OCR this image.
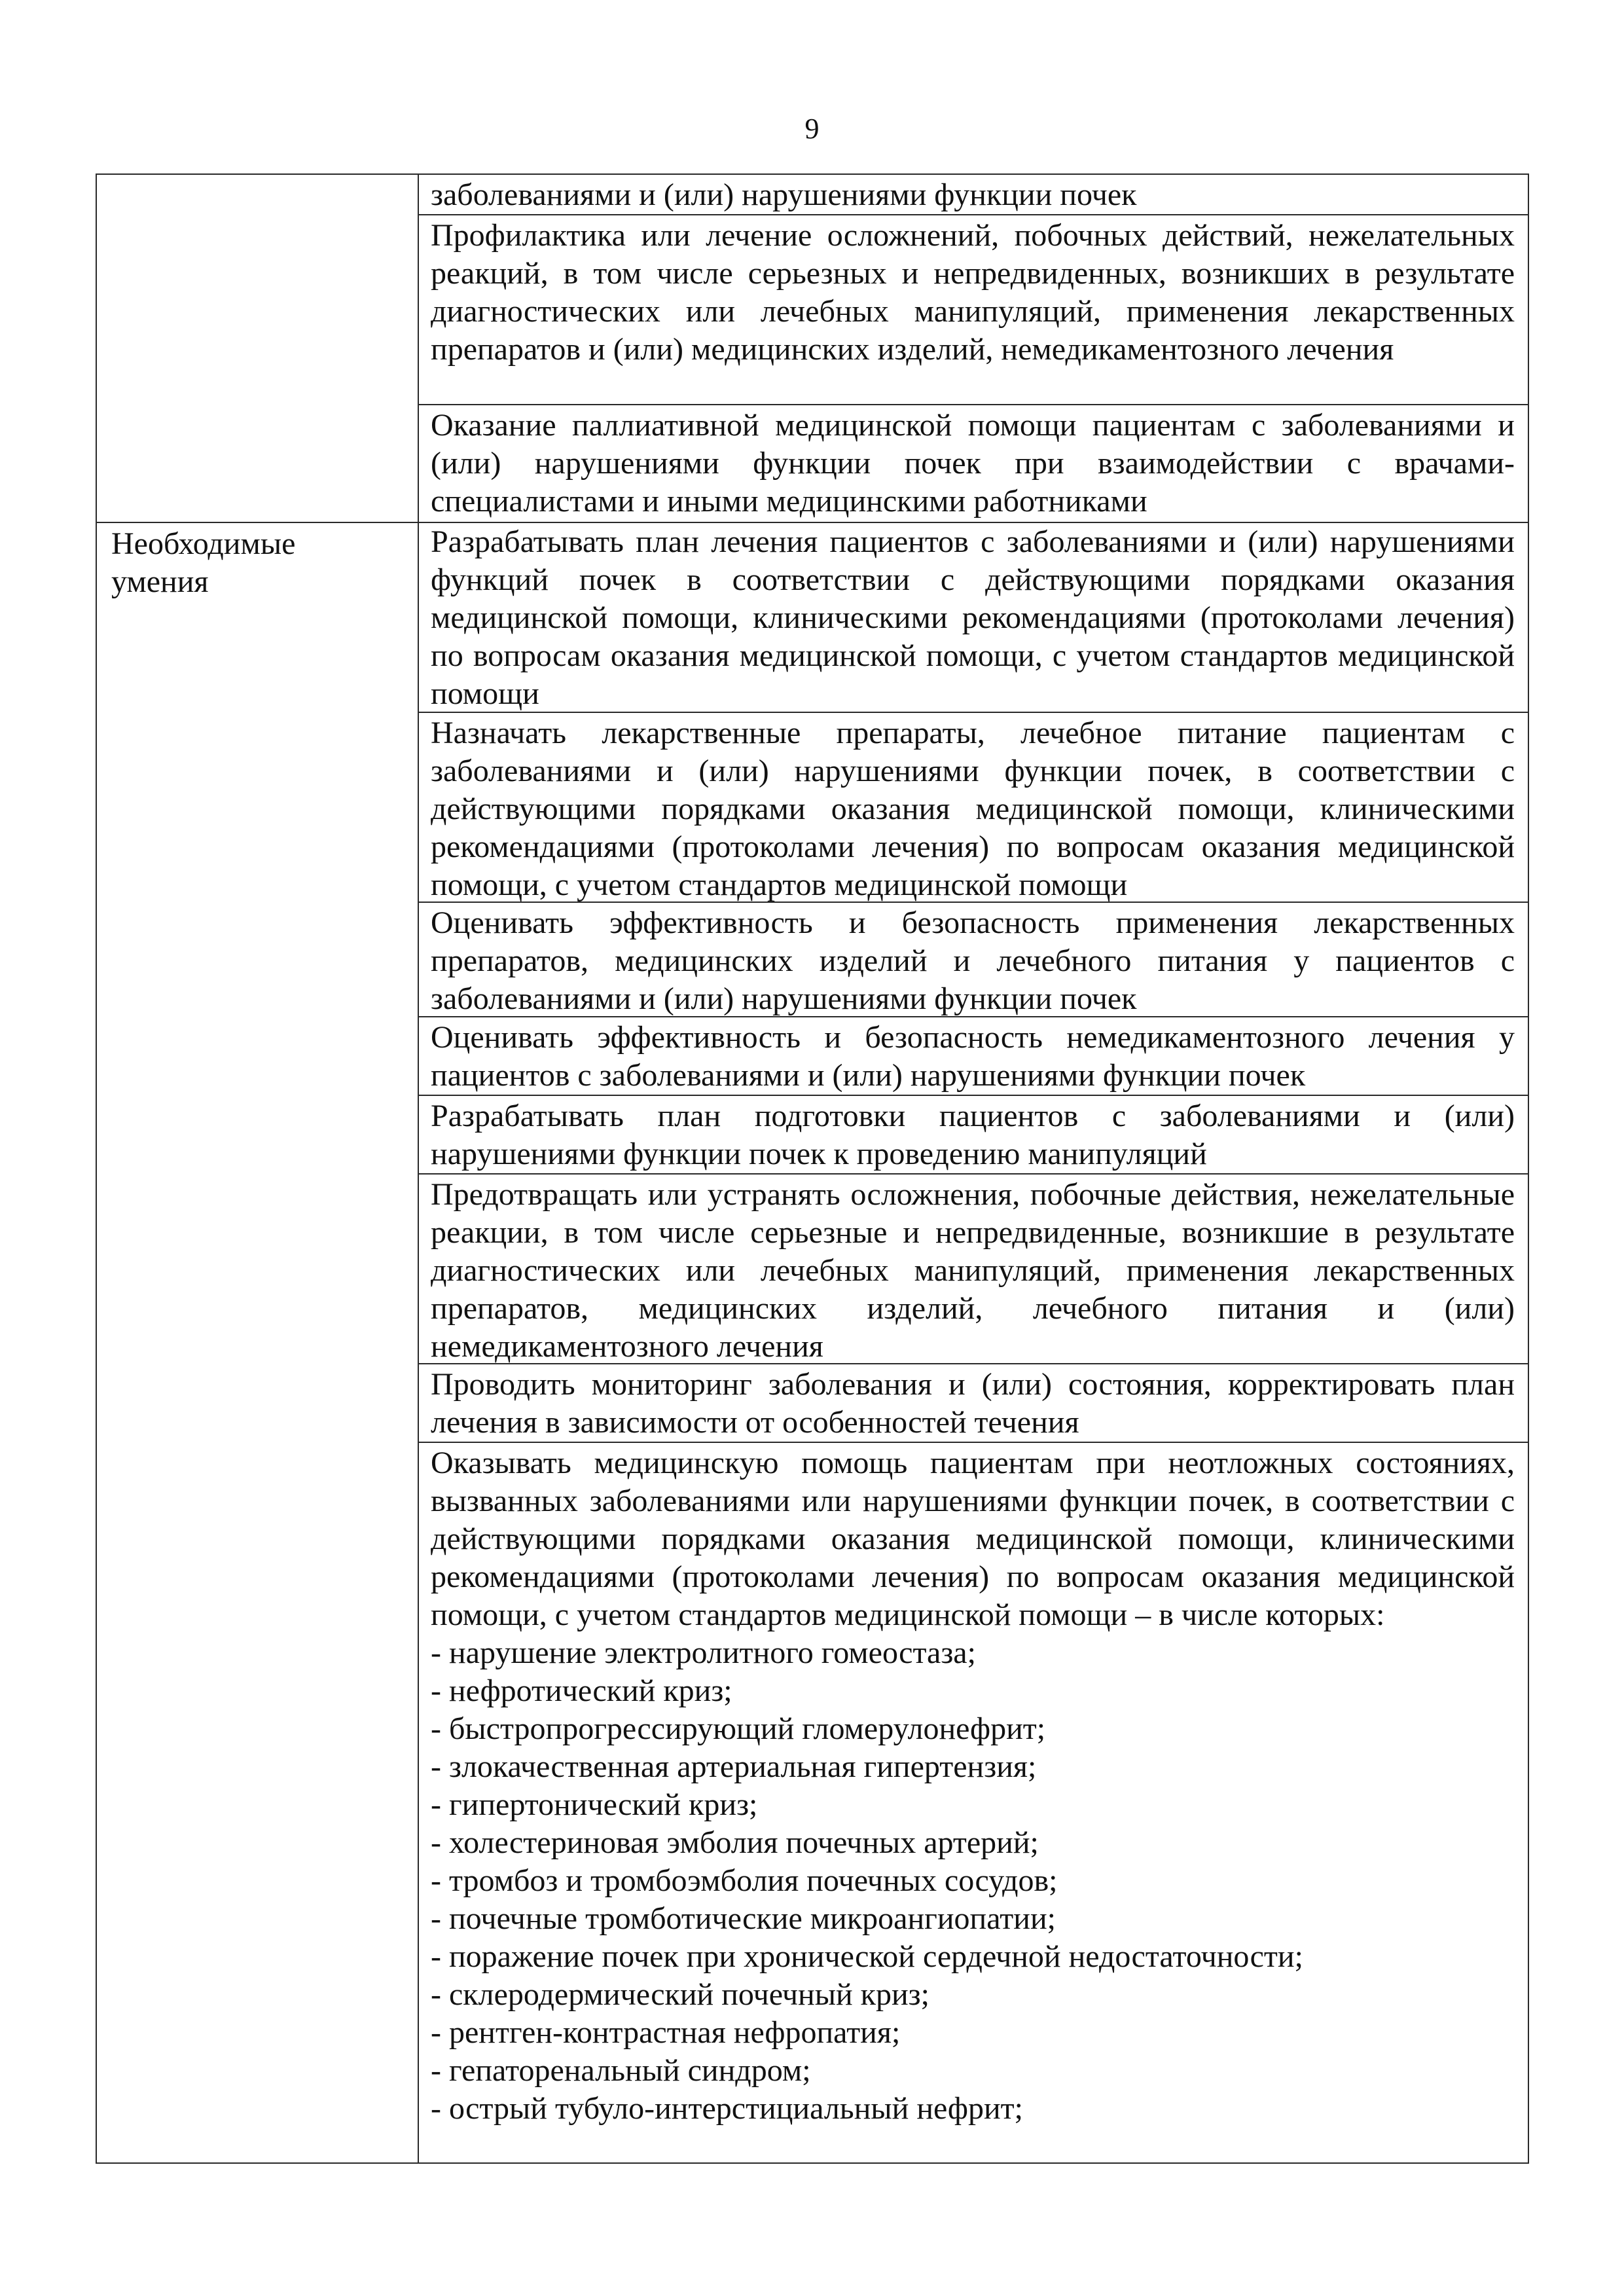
9
заболеваниями и (или) нарушениями функции почек
Профилактика или лечение осложнений, побочных действий, нежелательных реакций, в том числе серьезных и непредвиденных, возникших в результате диагностических или лечебных манипуляций, применения лекарственных препаратов и (или) медицинских изделий, немедикаментозного лечения
Оказание паллиативной медицинской помощи пациентам с заболеваниями и (или) нарушениями функции почек при взаимодействии с врачами-специалистами и иными медицинскими работниками
Необходимые
умения
Разрабатывать план лечения пациентов с заболеваниями и (или) нарушениями функций почек в соответствии с действующими порядками оказания медицинской помощи, клиническими рекомендациями (протоколами лечения) по вопросам оказания медицинской помощи, с учетом стандартов медицинской помощи
Назначать лекарственные препараты, лечебное питание пациентам с заболеваниями и (или) нарушениями функции почек, в соответствии с действующими порядками оказания медицинской помощи, клиническими рекомендациями (протоколами лечения) по вопросам оказания медицинской помощи, с учетом стандартов медицинской помощи
Оценивать эффективность и безопасность применения лекарственных препаратов, медицинских изделий и лечебного питания у пациентов с заболеваниями и (или) нарушениями функции почек
Оценивать эффективность и безопасность немедикаментозного лечения у пациентов с заболеваниями и (или) нарушениями функции почек
Разрабатывать план подготовки пациентов с заболеваниями и (или) нарушениями функции почек к проведению манипуляций
Предотвращать или устранять осложнения, побочные действия, нежелательные реакции, в том числе серьезные и непредвиденные, возникшие в результате диагностических или лечебных манипуляций, применения лекарственных препаратов, медицинских изделий, лечебного питания и (или) немедикаментозного лечения
Проводить мониторинг заболевания и (или) состояния, корректировать план лечения в зависимости от особенностей течения

Оказывать медицинскую помощь пациентам при неотложных состояниях, вызванных заболеваниями или нарушениями функции почек, в соответствии с действующими порядками оказания медицинской помощи, клиническими рекомендациями (протоколами лечения) по вопросам оказания медицинской помощи, с учетом стандартов медицинской помощи – в числе которых:

- нарушение электролитного гомеостаза;

- нефротический криз;

- быстропрогрессирующий гломерулонефрит;

- злокачественная артериальная гипертензия;

- гипертонический криз;

- холестериновая эмболия почечных артерий;

- тромбоз и тромбоэмболия почечных сосудов;

- почечные тромботические микроангиопатии;

- поражение почек при хронической сердечной недостаточности;

- склеродермический почечный криз;

- рентген-контрастная нефропатия;

- гепаторенальный синдром;

- острый тубуло-интерстициальный нефрит;
